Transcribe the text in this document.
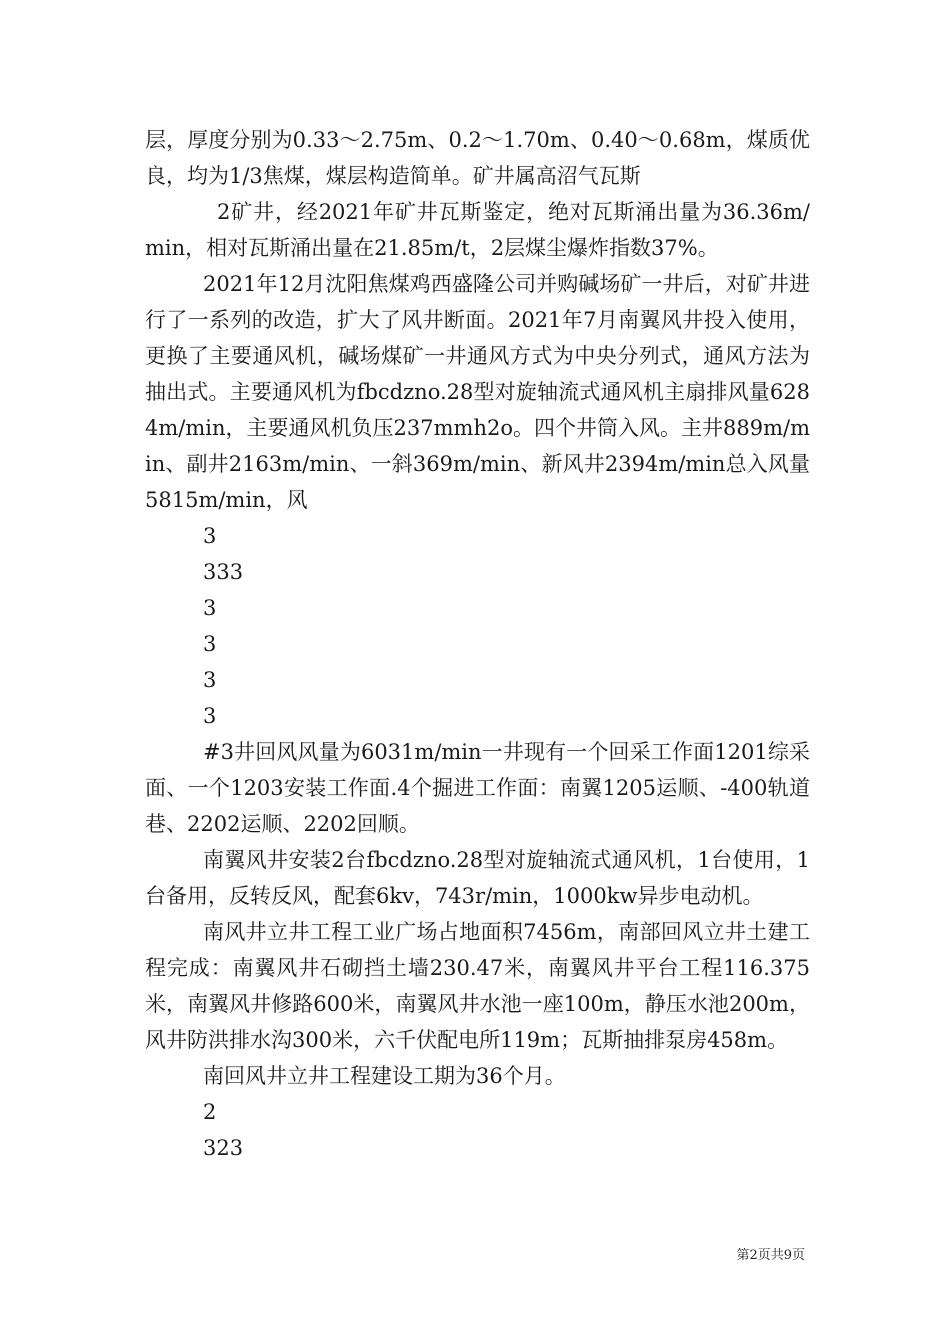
层，厚度分别为0.33～2.75m、0.2～1.70m、0.40～0.68m，煤质优良，均为1/3焦煤，煤层构造简单。矿井属高沼气瓦斯

2矿井，经2021年矿井瓦斯鉴定，绝对瓦斯涌出量为36.36m/min，相对瓦斯涌出量在21.85m/t，2层煤尘爆炸指数37%。

2021年12月沈阳焦煤鸡西盛隆公司并购碱场矿一井后，对矿井进行了一系列的改造，扩大了风井断面。2021年7月南翼风井投入使用，更换了主要通风机，碱场煤矿一井通风方式为中央分列式，通风方法为抽出式。主要通风机为fbcdzno.28型对旋轴流式通风机主扇排风量6284m/min，主要通风机负压237mmh2o。四个井筒入风。主井889m/min、副井2163m/min、一斜369m/min、新风井2394m/min总入风量5815m/min，风

3

333

3

3

3

3

#3井回风风量为6031m/min一井现有一个回采工作面1201综采面、一个1203安装工作面.4个掘进工作面：南翼1205运顺、-400轨道巷、2202运顺、2202回顺。

南翼风井安装2台fbcdzno.28型对旋轴流式通风机，1台使用，1台备用，反转反风，配套6kv，743r/min，1000kw异步电动机。

南风井立井工程工业广场占地面积7456m，南部回风立井土建工程完成：南翼风井石砌挡土墙230.47米，南翼风井平台工程116.375米，南翼风井修路600米，南翼风井水池一座100m，静压水池200m，风井防洪排水沟300米，六千伏配电所119m；瓦斯抽排泵房458m。

南回风井立井工程建设工期为36个月。

2

323

第2页共9页
